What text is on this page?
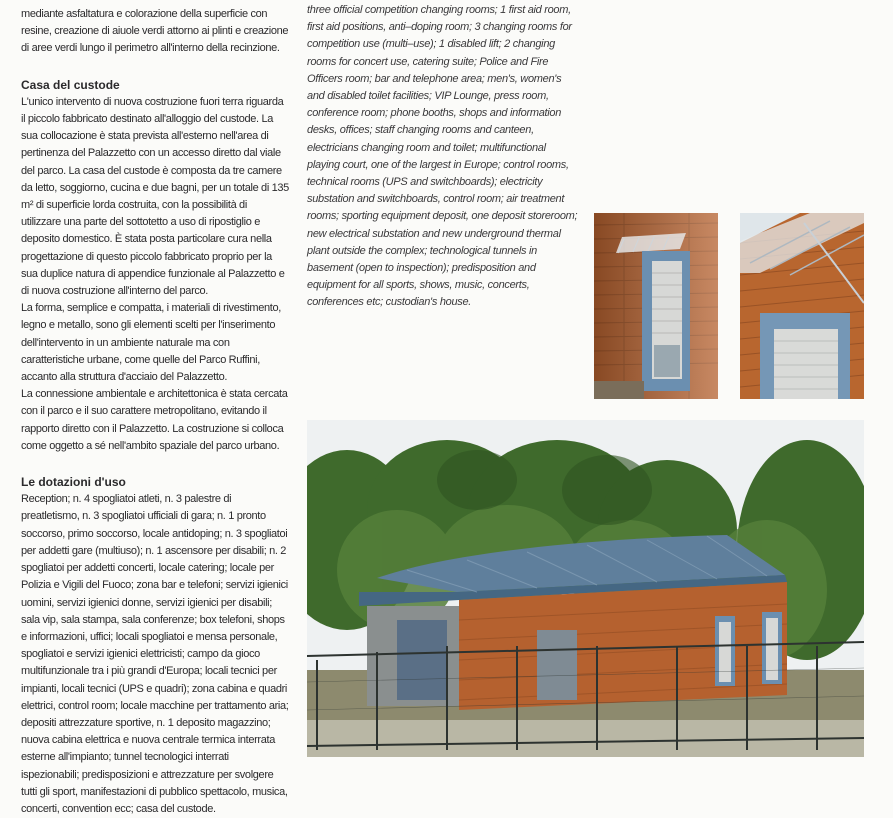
mediante asfaltatura e colorazione della superficie con resine, creazione di aiuole verdi attorno ai plinti e creazione di aree verdi lungo il perimetro all'interno della recinzione.

Casa del custode

L'unico intervento di nuova costruzione fuori terra riguarda il piccolo fabbricato destinato all'alloggio del custode. La sua collocazione è stata prevista all'esterno nell'area di pertinenza del Palazzetto con un accesso diretto dal viale del parco. La casa del custode è composta da tre camere da letto, soggiorno, cucina e due bagni, per un totale di 135 m² di superficie lorda costruita, con la possibilità di utilizzare una parte del sottotetto a uso di ripostiglio e deposito domestico. È stata posta particolare cura nella progettazione di questo piccolo fabbricato proprio per la sua duplice natura di appendice funzionale al Palazzetto e di nuova costruzione all'interno del parco.

La forma, semplice e compatta, i materiali di rivestimento, legno e metallo, sono gli elementi scelti per l'inserimento dell'intervento in un ambiente naturale ma con caratteristiche urbane, come quelle del Parco Ruffini, accanto alla struttura d'acciaio del Palazzetto.

La connessione ambientale e architettonica è stata cercata con il parco e il suo carattere metropolitano, evitando il rapporto diretto con il Palazzetto. La costruzione si colloca come oggetto a sé nell'ambito spaziale del parco urbano.

Le dotazioni d'uso

Reception; n. 4 spogliatoi atleti, n. 3 palestre di preatletismo, n. 3 spogliatoi ufficiali di gara; n. 1 pronto soccorso, primo soccorso, locale antidoping; n. 3 spogliatoi per addetti gare (multiuso); n. 1 ascensore per disabili; n. 2 spogliatoi per addetti concerti, locale catering; locale per Polizia e Vigili del Fuoco; zona bar e telefoni; servizi igienici uomini, servizi igienici donne, servizi igienici per disabili; sala vip, sala stampa, sala conferenze; box telefoni, shops e informazioni, uffici; locali spogliatoi e mensa personale, spogliatoi e servizi igienici elettricisti; campo da gioco multifunzionale tra i più grandi d'Europa; locali tecnici per impianti, locali tecnici (UPS e quadri); zona cabina e quadri elettrici, control room; locale macchine per trattamento aria; depositi attrezzature sportive, n. 1 deposito magazzino; nuova cabina elettrica e nuova centrale termica interrata esterne all'impianto; tunnel tecnologici interrati ispezionabili; predisposizioni e attrezzature per svolgere tutti gli sport, manifestazioni di pubblico spettacolo, musica, concerti, convention ecc; casa del custode.

three official competition changing rooms; 1 first aid room, first aid positions, anti–doping room; 3 changing rooms for competition use (multi–use); 1 disabled lift; 2 changing rooms for concert use, catering suite; Police and Fire Officers room; bar and telephone area; men's, women's and disabled toilet facilities; VIP Lounge, press room, conference room; phone booths, shops and information desks, offices; staff changing rooms and canteen, electricians changing room and toilet; multifunctional playing court, one of the largest in Europe; control rooms, technical rooms (UPS and switchboards); electricity substation and switchboards, control room; air treatment rooms; sporting equipment deposit, one deposit storeroom; new electrical substation and new underground thermal plant outside the complex; technological tunnels in basement (open to inspection); predisposition and equipment for all sports, shows, music, concerts, conferences etc; custodian's house.
